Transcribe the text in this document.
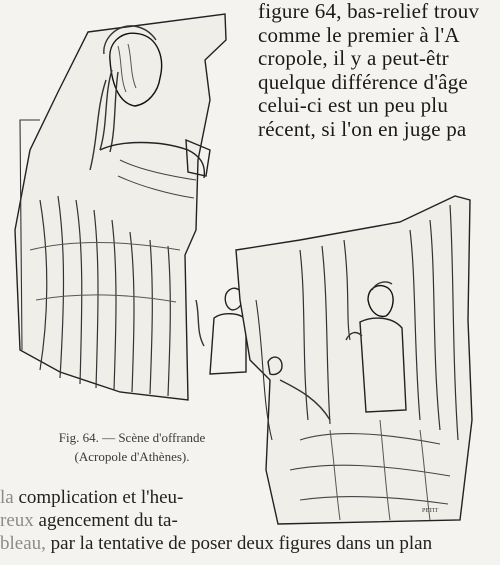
PETIT
figure 64, bas-relief trouv
comme le premier à l'A
cropole, il y a peut-êtr
quelque différence d'âge
celui-ci est un peu plu
récent, si l'on en juge pa
Fig. 64. — Scène d'offrande
(Acropole d'Athènes).
la complication et l'heu-
reux agencement du ta-
bleau, par la tentative de poser deux figures dans un plan
